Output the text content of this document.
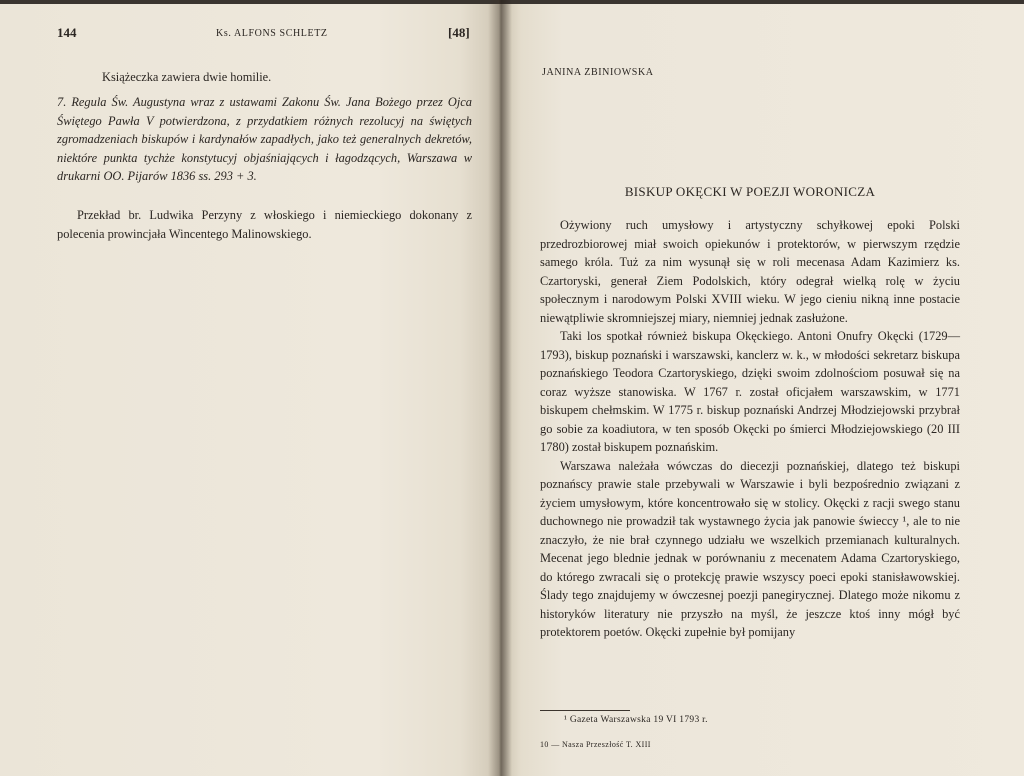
144	Ks. ALFONS SCHLETZ	[48]

Książeczka zawiera dwie homilie.

7. Regula Św. Augustyna wraz z ustawami Zakonu Św. Jana Bożego przez Ojca Świętego Pawła V potwierdzona, z przydatkiem różnych rezolucyj na świętych zgromadzeniach biskupów i kardynałów zapadłych, jako też generalnych dekretów, niektóre punkta tychże konstytucyj objaśniających i łagodzących, Warszawa w drukarni OO. Pijarów 1836 ss. 293 + 3.

Przekład br. Ludwika Perzyny z włoskiego i niemieckiego dokonany z polecenia prowincjała Wincentego Malinowskiego.

JANINA ZBINIOWSKA
BISKUP OKĘCKI W POEZJI WORONICZA

Ożywiony ruch umysłowy i artystyczny schyłkowej epoki Polski przedrozbiorowej miał swoich opiekunów i protektorów, w pierwszym rzędzie samego króla. Tuż za nim wysunął się w roli mecenasa Adam Kazimierz ks. Czartoryski, generał Ziem Podolskich, który odegrał wielką rolę w życiu społecznym i narodowym Polski XVIII wieku. W jego cieniu nikną inne postacie niewątpliwie skromniejszej miary, niemniej jednak zasłużone.

Taki los spotkał również biskupa Okęckiego. Antoni Onufry Okęcki (1729—1793), biskup poznański i warszawski, kanclerz w. k., w młodości sekretarz biskupa poznańskiego Teodora Czartoryskiego, dzięki swoim zdolnościom posuwał się na coraz wyższe stanowiska. W 1767 r. został oficjałem warszawskim, w 1771 biskupem chełmskim. W 1775 r. biskup poznański Andrzej Młodziejowski przybrał go sobie za koadiutora, w ten sposób Okęcki po śmierci Młodziejowskiego (20 III 1780) został biskupem poznańskim.

Warszawa należała wówczas do diecezji poznańskiej, dlatego też biskupi poznańscy prawie stale przebywali w Warszawie i byli bezpośrednio związani z życiem umysłowym, które koncentrowało się w stolicy. Okęcki z racji swego stanu duchownego nie prowadził tak wystawnego życia jak panowie świeccy ¹, ale to nie znaczyło, że nie brał czynnego udziału we wszelkich przemianach kulturalnych. Mecenat jego blednie jednak w porównaniu z mecenatem Adama Czartoryskiego, do którego zwracali się o protekcję prawie wszyscy poeci epoki stanisławowskiej. Ślady tego znajdujemy w ówczesnej poezji panegirycznej. Dlatego może nikomu z historyków literatury nie przyszło na myśl, że jeszcze ktoś inny mógł być protektorem poetów. Okęcki zupełnie był pomijany

¹ Gazeta Warszawska 19 VI 1793 r.
10 — Nasza Przeszłość T. XIII
